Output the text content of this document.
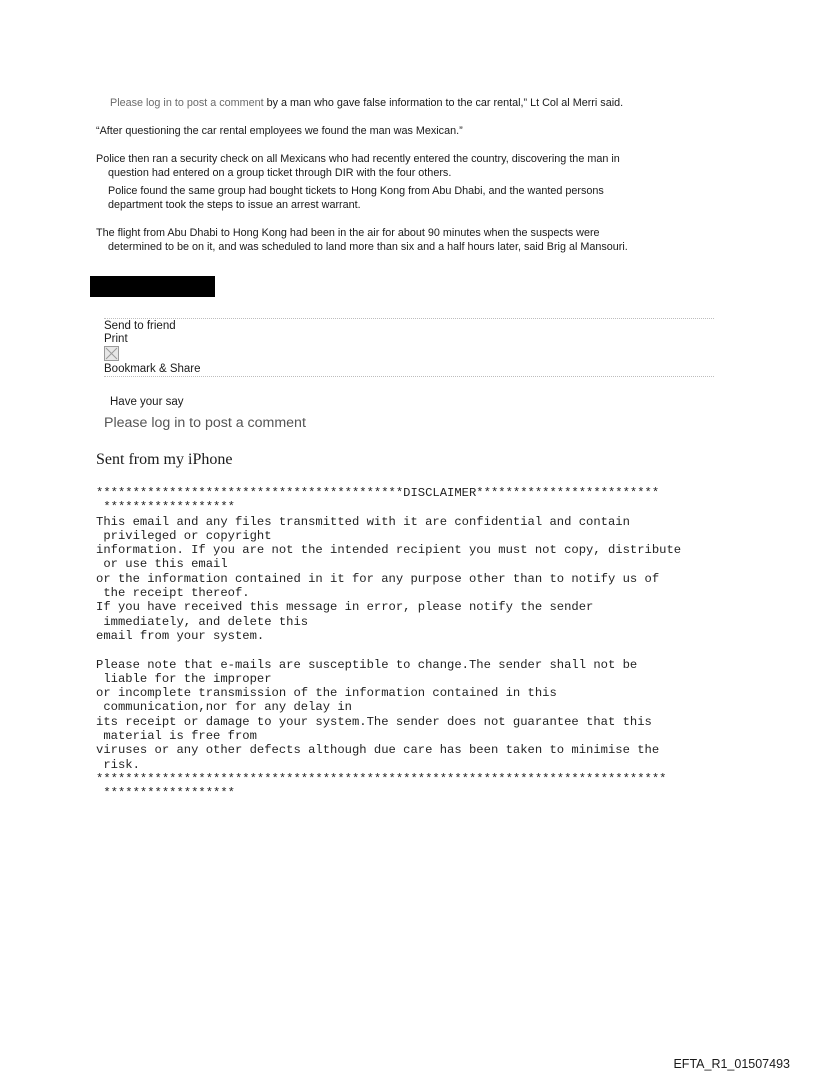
Please log in to post a comment by a man who gave false information to the car rental,” Lt Col al Merri said.

“After questioning the car rental employees we found the man was Mexican.”

Police then ran a security check on all Mexicans who had recently entered the country, discovering the man in
question had entered on a group ticket through DIR with the four others.

Police found the same group had bought tickets to Hong Kong from Abu Dhabi, and the wanted persons
department took the steps to issue an arrest warrant.

The flight from Abu Dhabi to Hong Kong had been in the air for about 90 minutes when the suspects were
determined to be on it, and was scheduled to land more than six and a half hours later, said Brig al Mansouri.

Send to friend
Print
Bookmark & Share
Have your say
Please log in to post a comment
Sent from my iPhone
******************************************DISCLAIMER*************************
******************
This email and any files transmitted with it are confidential and contain
privileged or copyright
information. If you are not the intended recipient you must not copy, distribute
or use this email
or the information contained in it for any purpose other than to notify us of
the receipt thereof.
If you have received this message in error, please notify the sender
immediately, and delete this
email from your system.

Please note that e-mails are susceptible to change.The sender shall not be
liable for the improper
or incomplete transmission of the information contained in this
communication,nor for any delay in
its receipt or damage to your system.The sender does not guarantee that this
material is free from
viruses or any other defects although due care has been taken to minimise the
risk.
******************************************************************************
******************
EFTA_R1_01507493
